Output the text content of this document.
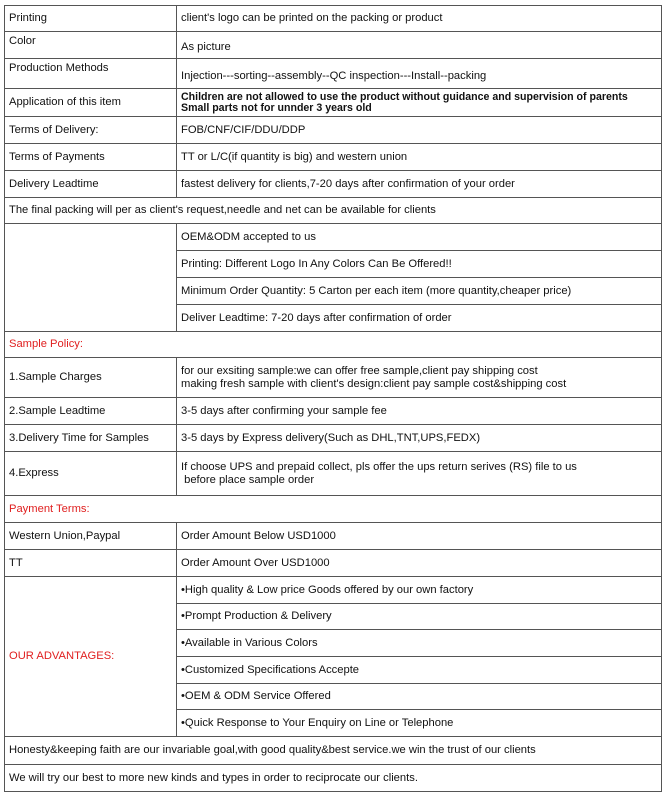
Printing	client's logo can be printed on the packing or product
Color	As picture
Production Methods	Injection---sorting--assembly--QC inspection---Install--packing
Application of this item	Children are not allowed to use the product without guidance and supervision of parents
Small parts not for unnder 3 years old

Terms of Delivery:	FOB/CNF/CIF/DDU/DDP
Terms of Payments	TT or L/C(if quantity is big) and western union
Delivery Leadtime	fastest delivery for clients,7-20 days after confirmation of your order
The final packing will per as client's request,needle and net can be available for clients	
	OEM&ODM accepted to us
	Printing: Different Logo In Any Colors Can Be Offered!!
	Minimum Order Quantity: 5 Carton per each item (more quantity,cheaper price)
	Deliver Leadtime: 7-20 days after confirmation of order
Sample Policy:	
1.Sample Charges	for our exsiting sample:we can offer free sample,client pay shipping cost
making fresh sample with client's design:client pay sample cost&shipping cost

2.Sample Leadtime	3-5 days after confirming your sample fee
3.Delivery Time for Samples	3-5 days by Express delivery(Such as DHL,TNT,UPS,FEDX)
4.Express	If choose UPS and prepaid collect, pls offer the ups return serives (RS) file to us
before place sample order

Payment Terms:	
Western Union,Paypal	Order Amount Below USD1000
TT	Order Amount Over USD1000
OUR ADVANTAGES:	•High quality & Low price Goods offered by our own factory
	•Prompt Production & Delivery
	•Available in Various Colors
	•Customized Specifications Accepte
	•OEM & ODM Service Offered
	•Quick Response to Your Enquiry on Line or Telephone
Honesty&keeping faith are our invariable goal,with good quality&best service.we win the trust of our clients	
We will try our best to more new kinds and types in order to reciprocate our clients.	
